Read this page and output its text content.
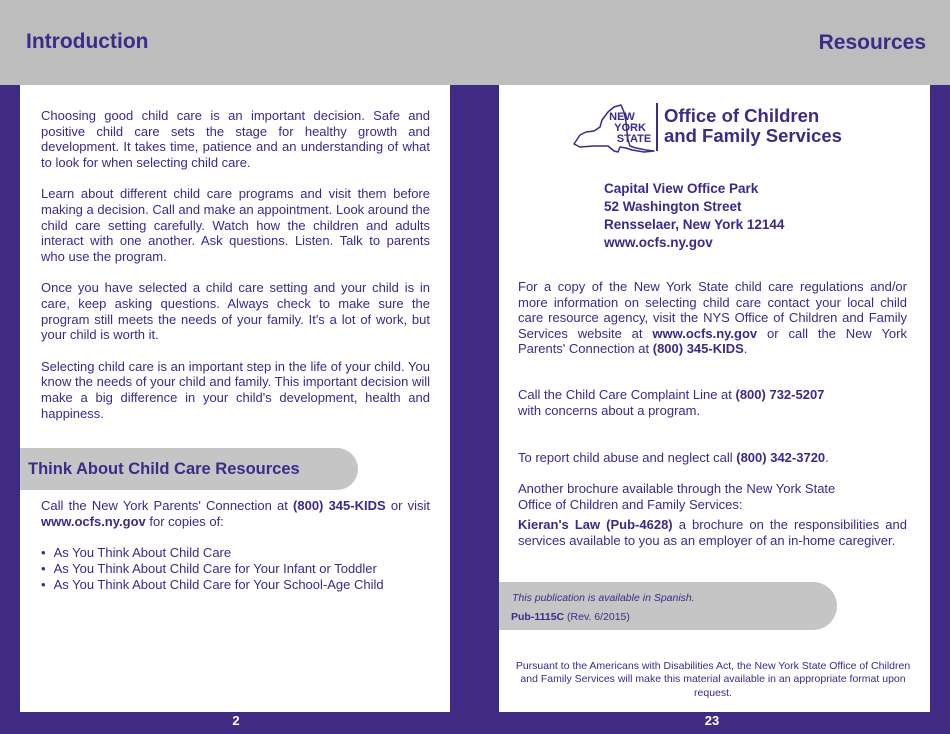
Introduction	Resources

Choosing good child care is an important decision. Safe and positive child care sets the stage for healthy growth and development. It takes time, patience and an understanding of what to look for when selecting child care.

Learn about different child care programs and visit them before making a decision. Call and make an appointment. Look around the child care setting carefully. Watch how the children and adults interact with one another. Ask questions. Listen. Talk to parents who use the program.

Once you have selected a child care setting and your child is in care, keep asking questions. Always check to make sure the program still meets the needs of your family. It's a lot of work, but your child is worth it.

Selecting child care is an important step in the life of your child. You know the needs of your child and family. This important decision will make a big difference in your child's development, health and happiness.

Think About Child Care Resources
Call the New York Parents' Connection at (800) 345-KIDS or visit www.ocfs.ny.gov for copies of:
• As You Think About Child Care
• As You Think About Child Care for Your Infant or Toddler
• As You Think About Child Care for Your School-Age Child
2
NEW
YORK
STATE
Office of Children
and Family Services
Capital View Office Park
52 Washington Street
Rensselaer, New York 12144
www.ocfs.ny.gov
For a copy of the New York State child care regulations and/or more information on selecting child care contact your local child care resource agency, visit the NYS Office of Children and Family Services website at www.ocfs.ny.gov or call the New York Parents' Connection at (800) 345-KIDS.
Call the Child Care Complaint Line at (800) 732-5207
with concerns about a program.
To report child abuse and neglect call (800) 342-3720.
Another brochure available through the New York State
Office of Children and Family Services:
Kieran's Law (Pub-4628) a brochure on the responsibilities and services available to you as an employer of an in-home caregiver.
This publication is available in Spanish.
Pub-1115C (Rev. 6/2015)
Pursuant to the Americans with Disabilities Act, the New York State Office of Children and Family Services will make this material available in an appropriate format upon request.
23
